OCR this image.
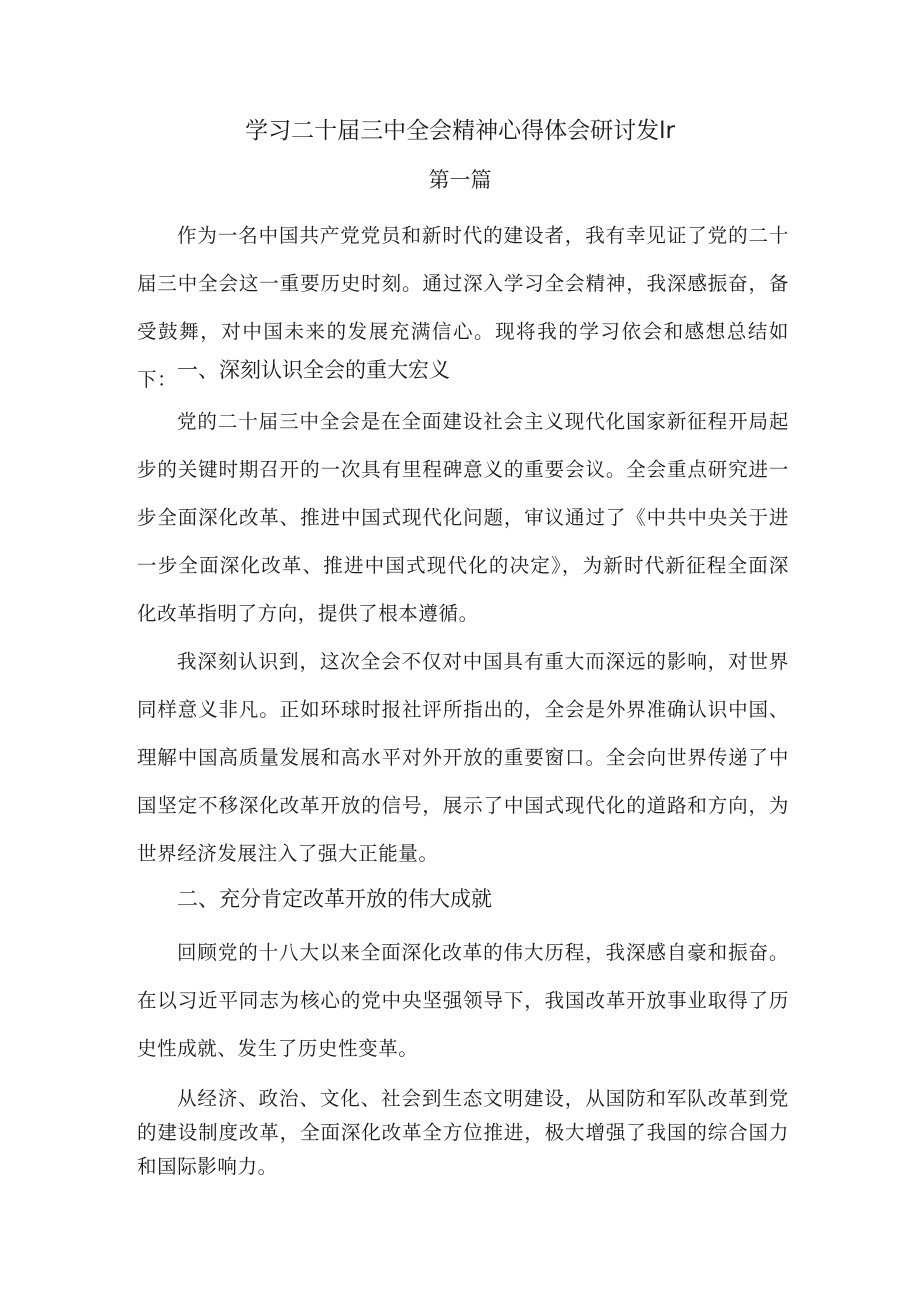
学习二十届三中全会精神心得体会研讨发lr
第一篇

作为一名中国共产党党员和新时代的建设者，我有幸见证了党的二十届三中全会这一重要历史时刻。通过深入学习全会精神，我深感振奋，备受鼓舞，对中国未来的发展充满信心。现将我的学习依会和感想总结如下： 一、深刻认识全会的重大宏义

党的二十届三中全会是在全面建设社会主义现代化国家新征程开局起步的关键时期召开的一次具有里程碑意义的重要会议。全会重点研究进一步全面深化改革、推进中国式现代化问题，审议通过了《中共中央关于进一步全面深化改革、推进中国式现代化的决定》，为新时代新征程全面深化改革指明了方向，提供了根本遵循。

我深刻认识到，这次全会不仅对中国具有重大而深远的影响，对世界同样意义非凡。正如环球时报社评所指出的，全会是外界准确认识中国、理解中国高质量发展和高水平对外开放的重要窗口。全会向世界传递了中国坚定不移深化改革开放的信号，展示了中国式现代化的道路和方向，为世界经济发展注入了强大正能量。

二、充分肯定改革开放的伟大成就

回顾党的十八大以来全面深化改革的伟大历程，我深感自豪和振奋。在以习近平同志为核心的党中央坚强领导下，我国改革开放事业取得了历史性成就、发生了历史性变革。

从经济、政治、文化、社会到生态文明建设，从国防和军队改革到党的建设制度改革，全面深化改革全方位推进，极大增强了我国的综合国力和国际影响力。
